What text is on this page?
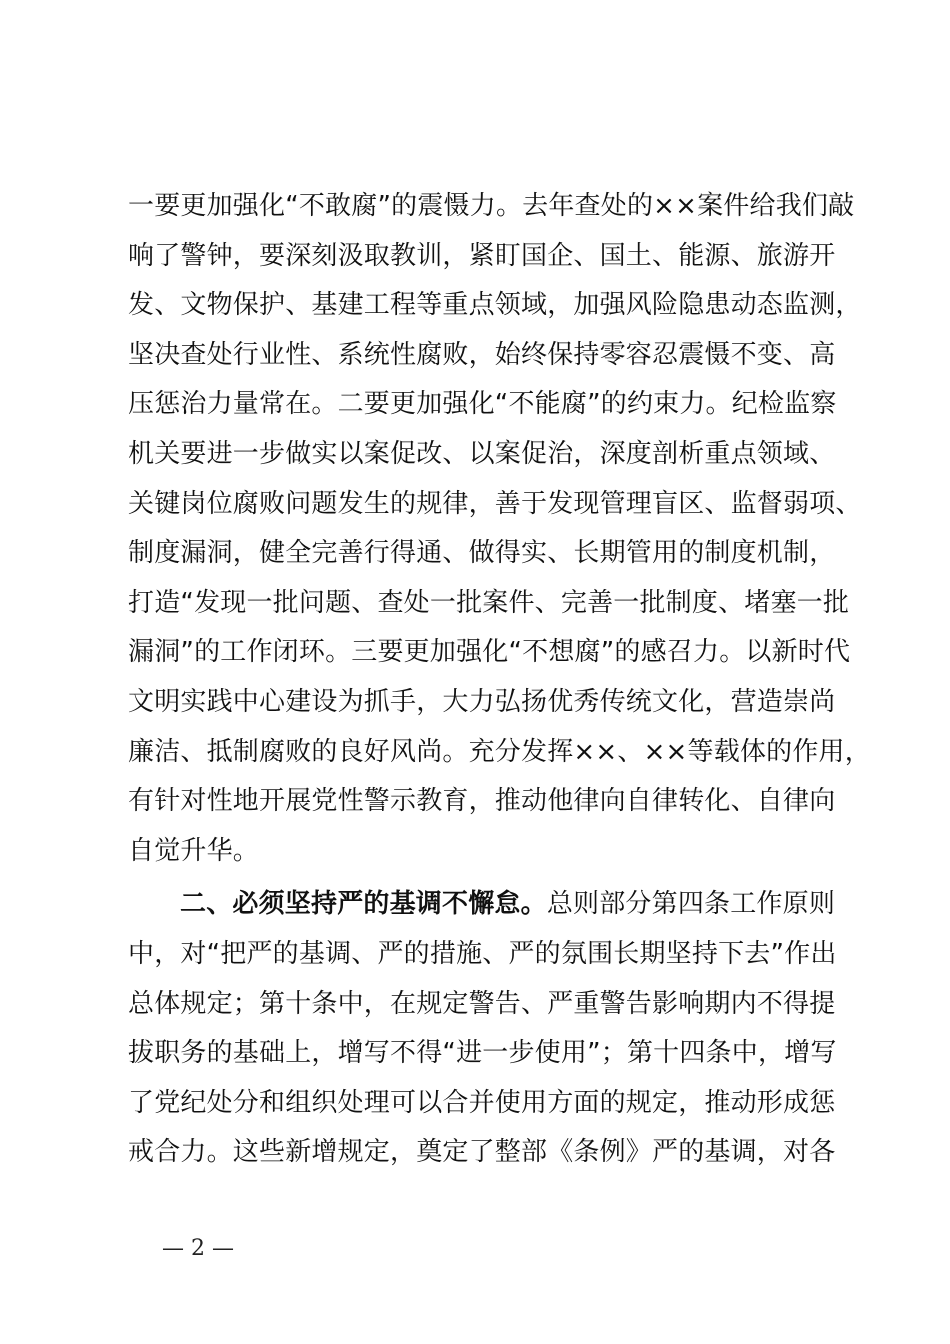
一要更加强化“不敢腐”的震慑力。去年查处的××案件给我们敲
响了警钟，要深刻汲取教训，紧盯国企、国土、能源、旅游开
发、文物保护、基建工程等重点领域，加强风险隐患动态监测，
坚决查处行业性、系统性腐败，始终保持零容忍震慑不变、高
压惩治力量常在。二要更加强化“不能腐”的约束力。纪检监察
机关要进一步做实以案促改、以案促治，深度剖析重点领域、
关键岗位腐败问题发生的规律，善于发现管理盲区、监督弱项、
制度漏洞，健全完善行得通、做得实、长期管用的制度机制，
打造“发现一批问题、查处一批案件、完善一批制度、堵塞一批
漏洞”的工作闭环。三要更加强化“不想腐”的感召力。以新时代
文明实践中心建设为抓手，大力弘扬优秀传统文化，营造崇尚
廉洁、抵制腐败的良好风尚。充分发挥××、××等载体的作用，
有针对性地开展党性警示教育，推动他律向自律转化、自律向
自觉升华。
二、必须坚持严的基调不懈怠。总则部分第四条工作原则
中，对“把严的基调、严的措施、严的氛围长期坚持下去”作出
总体规定；第十条中，在规定警告、严重警告影响期内不得提
拔职务的基础上，增写不得“进一步使用”；第十四条中，增写
了党纪处分和组织处理可以合并使用方面的规定，推动形成惩
戒合力。这些新增规定，奠定了整部《条例》严的基调，对各
— 2 —
